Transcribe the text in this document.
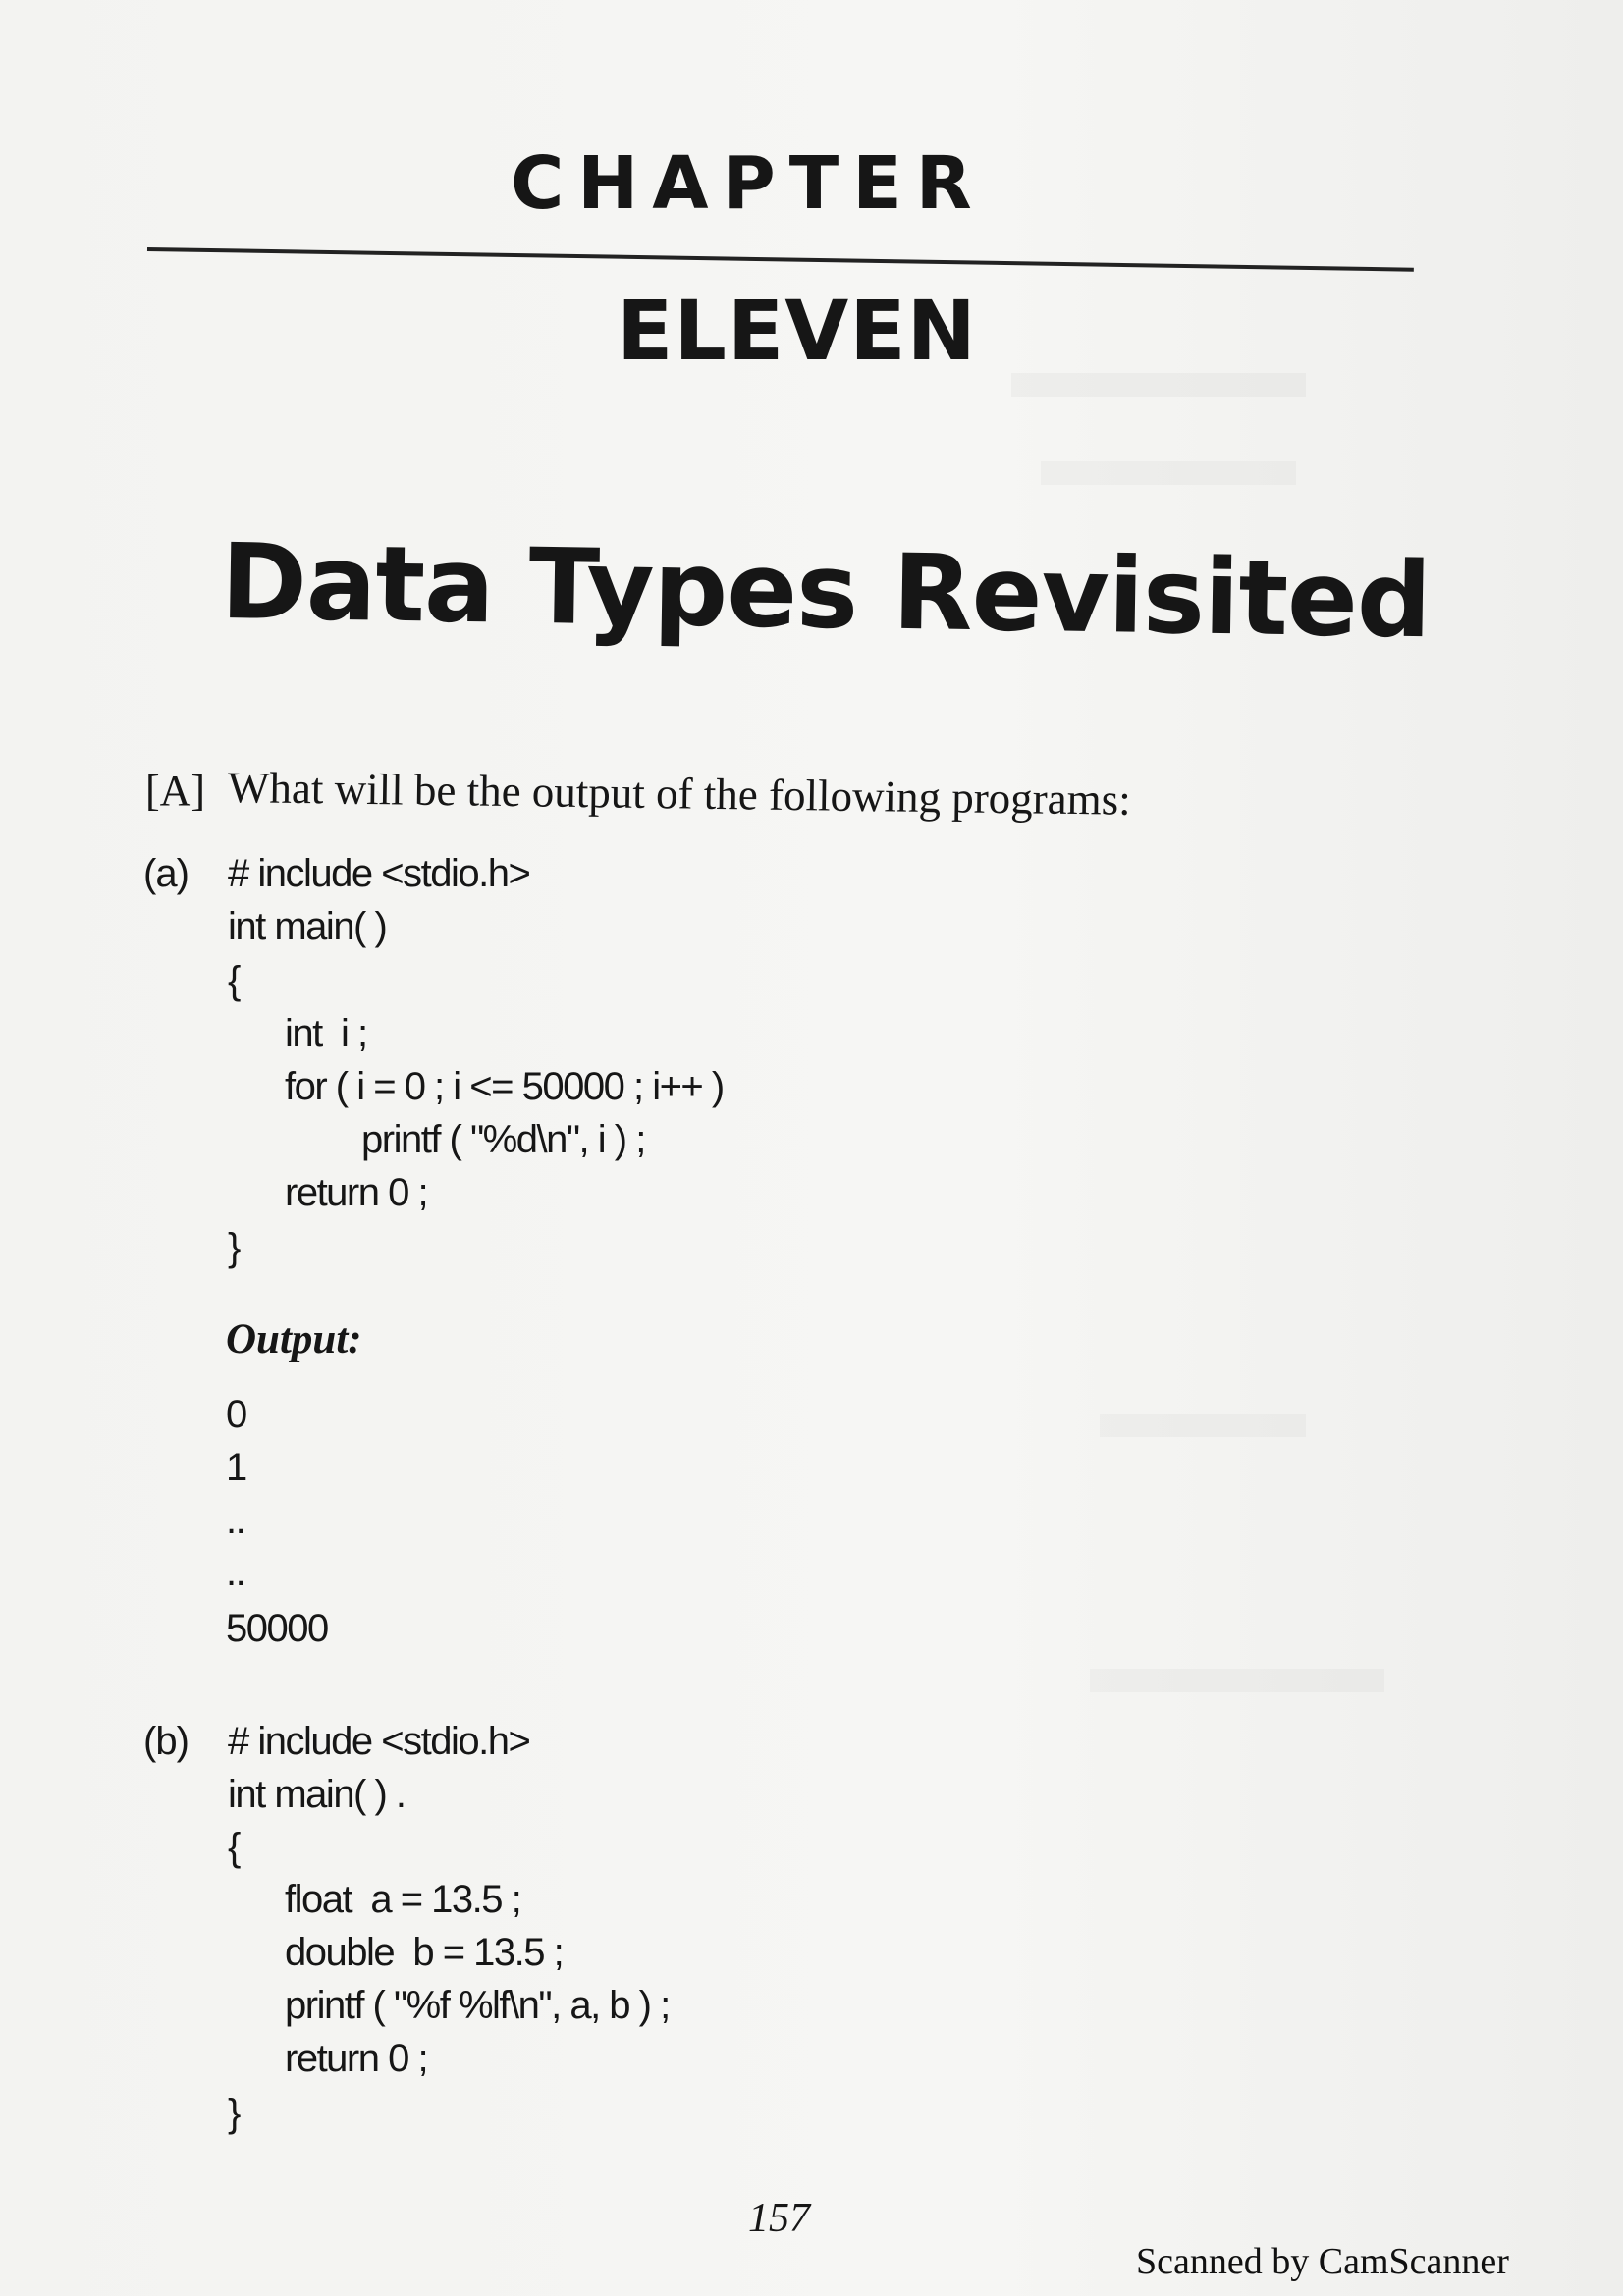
CHAPTER
ELEVEN
Data Types Revisited
[A] What will be the output of the following programs:
(a) # include <stdio.h>
int main( )
{
int  i ;
for ( i = 0 ; i <= 50000 ; i++ )
printf ( "%d\n", i ) ;
return 0 ;
}
Output:
0
1
..
..
50000
(b) # include <stdio.h>
int main( ) .
{
float  a = 13.5 ;
double  b = 13.5 ;
printf ( "%f %lf\n", a, b ) ;
return 0 ;
}
157
Scanned by CamScanner
